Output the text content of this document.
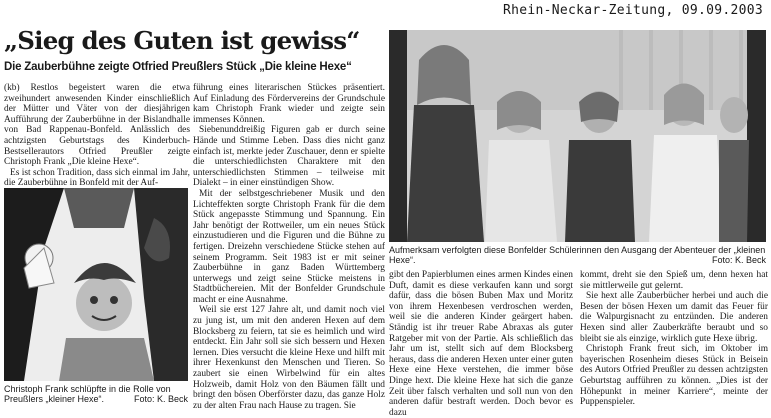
Rhein-Neckar-Zeitung, 09.09.2003
„Sieg des Guten ist gewiss“
Die Zauberbühne zeigte Otfried Preußlers Stück „Die kleine Hexe“

(kb) Restlos begeistert waren die etwa zweihundert anwesenden Kinder einschließlich der Mütter und Väter von der diesjährigen Aufführung der Zauberbühne in der Bislandhalle von Bad Rappenau-Bonfeld. Anlässlich des achtzigsten Geburtstags des Kinderbuch-Bestsellerautors Otfried Preußler zeigte Christoph Frank „Die kleine Hexe“.

Es ist schon Tradition, dass sich einmal im Jahr, die Zauberbühne in Bonfeld mit der Auf-

führung eines literarischen Stückes präsentiert. Auf Einladung des Fördervereins der Grundschule kam Christoph Frank wieder und zeigte sein immenses Können.

Siebenunddreißig Figuren gab er durch seine Hände und Stimme Leben. Dass dies nicht ganz einfach ist, merkte jeder Zuschauer, denn er spielte die unterschiedlichsten Charaktere mit den unterschiedlichsten Stimmen – teilweise mit Dialekt – in einer einstündigen Show.

Mit der selbstgeschriebener Musik und den Lichteffekten sorgte Christoph Frank für die dem Stück angepasste Stimmung und Spannung. Ein Jahr benötigt der Rottweiler, um ein neues Stück einzustudieren und die Figuren und die Bühne zu fertigen. Dreizehn verschiedene Stücke stehen auf seinem Programm. Seit 1983 ist er mit seiner Zauberbühne in ganz Baden Württemberg unterwegs und zeigt seine Stücke meistens in Stadtbüchereien. Mit der Bonfelder Grundschule macht er eine Ausnahme.

Weil sie erst 127 Jahre alt, und damit noch viel zu jung ist, um mit den anderen Hexen auf dem Blocksberg zu feiern, tat sie es heimlich und wird entdeckt. Ein Jahr soll sie sich bessern und Hexen lernen. Dies versucht die kleine Hexe und hilft mit ihrer Hexenkunst den Menschen und Tieren. So zaubert sie einen Wirbelwind für ein altes Holzweib, damit Holz von den Bäumen fällt und bringt den bösen Oberförster dazu, das ganze Holz zu der alten Frau nach Hause zu tragen. Sie

gibt den Papierblumen eines armen Kindes einen Duft, damit es diese verkaufen kann und sorgt dafür, dass die bösen Buben Max und Moritz von ihrem Hexenbesen verdroschen werden, weil sie die anderen Kinder geärgert haben. Ständig ist ihr treuer Rabe Abraxas als guter Ratgeber mit von der Partie. Als schließlich das Jahr um ist, stellt sich auf dem Blocksberg heraus, dass die anderen Hexen unter einer guten Hexe eine Hexe verstehen, die immer böse Dinge hext. Die kleine Hexe hat sich die ganze Zeit über falsch verhalten und soll nun von den anderen dafür bestraft werden. Doch bevor es dazu

kommt, dreht sie den Spieß um, denn hexen hat sie mittlerweile gut gelernt.

Sie hext alle Zauberbücher herbei und auch die Besen der bösen Hexen um damit das Feuer für die Walpurgisnacht zu entzünden. Die anderen Hexen sind aller Zauberkräfte beraubt und so bleibt sie als einzige, wirklich gute Hexe übrig.

Christoph Frank freut sich, im Oktober im bayerischen Rosenheim dieses Stück in Beisein des Autors Otfried Preußler zu dessen achtzigsten Geburtstag aufführen zu können. „Dies ist der Höhepunkt in meiner Karriere“, meinte der Puppenspieler.

Christoph Frank schlüpfte in die Rolle von Preußlers „kleiner Hexe“.	Foto: K. Beck
Aufmerksam verfolgten diese Bonfelder Schülerinnen den Ausgang der Abenteuer der „kleinen Hexe“.	Foto: K. Beck
